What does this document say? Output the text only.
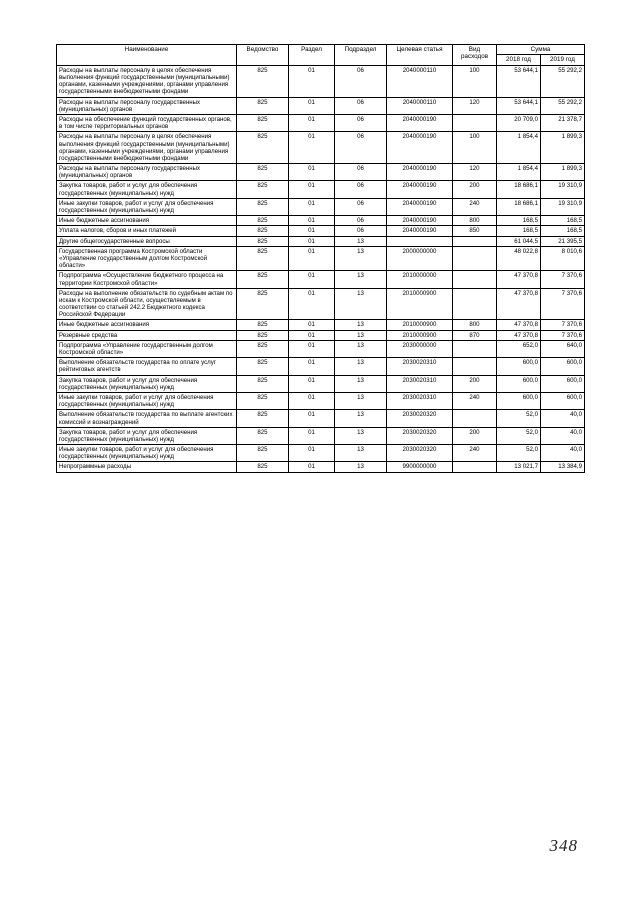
Наименование	Ведомство	Раздел	Подраздел	Целевая статья	Вид расходов	Сумма	
						2018 год	2019 год
Расходы на выплаты персоналу в целях обеспечения выполнения функций государственными (муниципальными) органами, казенными учреждениями, органами управления государственными внебюджетными фондами	825	01	06	2040000110	100	53 644,1	55 292,2
Расходы на выплаты персоналу государственных (муниципальных) органов	825	01	06	2040000110	120	53 644,1	55 292,2
Расходы на обеспечение функций государственных органов, в том числе территориальных органов	825	01	06	2040000190		20 709,0	21 378,7
Расходы на выплаты персоналу в целях обеспечения выполнения функций государственными (муниципальными) органами, казенными учреждениями, органами управления государственными внебюджетными фондами	825	01	06	2040000190	100	1 854,4	1 899,3
Расходы на выплаты персоналу государственных (муниципальных) органов	825	01	06	2040000190	120	1 854,4	1 899,3
Закупка товаров, работ и услуг для обеспечения государственных (муниципальных) нужд	825	01	06	2040000190	200	18 686,1	19 310,9
Иные закупки товаров, работ и услуг для обеспечения государственных (муниципальных) нужд	825	01	06	2040000190	240	18 686,1	19 310,9
Иные бюджетные ассигнования	825	01	06	2040000190	800	168,5	168,5
Уплата налогов, сборов и иных платежей	825	01	06	2040000190	850	168,5	168,5
Другие общегосударственные вопросы	825	01	13			61 044,5	21 395,5
Государственная программа Костромской области «Управление государственным долгом Костромской области»	825	01	13	2000000000		48 022,8	8 010,6
Подпрограмма «Осуществление бюджетного процесса на территории Костромской области»	825	01	13	2010000000		47 370,8	7 370,6
Расходы на выполнение обязательств по судебным актам по искам к Костромской области, осуществляемым в соответствии со статьей 242.2 Бюджетного кодекса Российской Федерации	825	01	13	2010000900		47 370,8	7 370,6
Иные бюджетные ассигнования	825	01	13	2010000900	800	47 370,8	7 370,6
Резервные средства	825	01	13	2010000900	870	47 370,8	7 370,6
Подпрограмма «Управление государственным долгом Костромской области»	825	01	13	2030000000		652,0	640,0
Выполнение обязательств государства по оплате услуг рейтинговых агентств	825	01	13	2030020310		600,0	600,0
Закупка товаров, работ и услуг для обеспечения государственных (муниципальных) нужд	825	01	13	2030020310	200	600,0	600,0
Иные закупки товаров, работ и услуг для обеспечения государственных (муниципальных) нужд	825	01	13	2030020310	240	600,0	600,0
Выполнение обязательств государства по выплате агентских комиссий и вознаграждений	825	01	13	2030020320		52,0	40,0
Закупка товаров, работ и услуг для обеспечения государственных (муниципальных) нужд	825	01	13	2030020320	200	52,0	40,0
Иные закупки товаров, работ и услуг для обеспечения государственных (муниципальных) нужд	825	01	13	2030020320	240	52,0	40,0
Непрограммные расходы	825	01	13	9900000000		13 021,7	13 384,9
348
